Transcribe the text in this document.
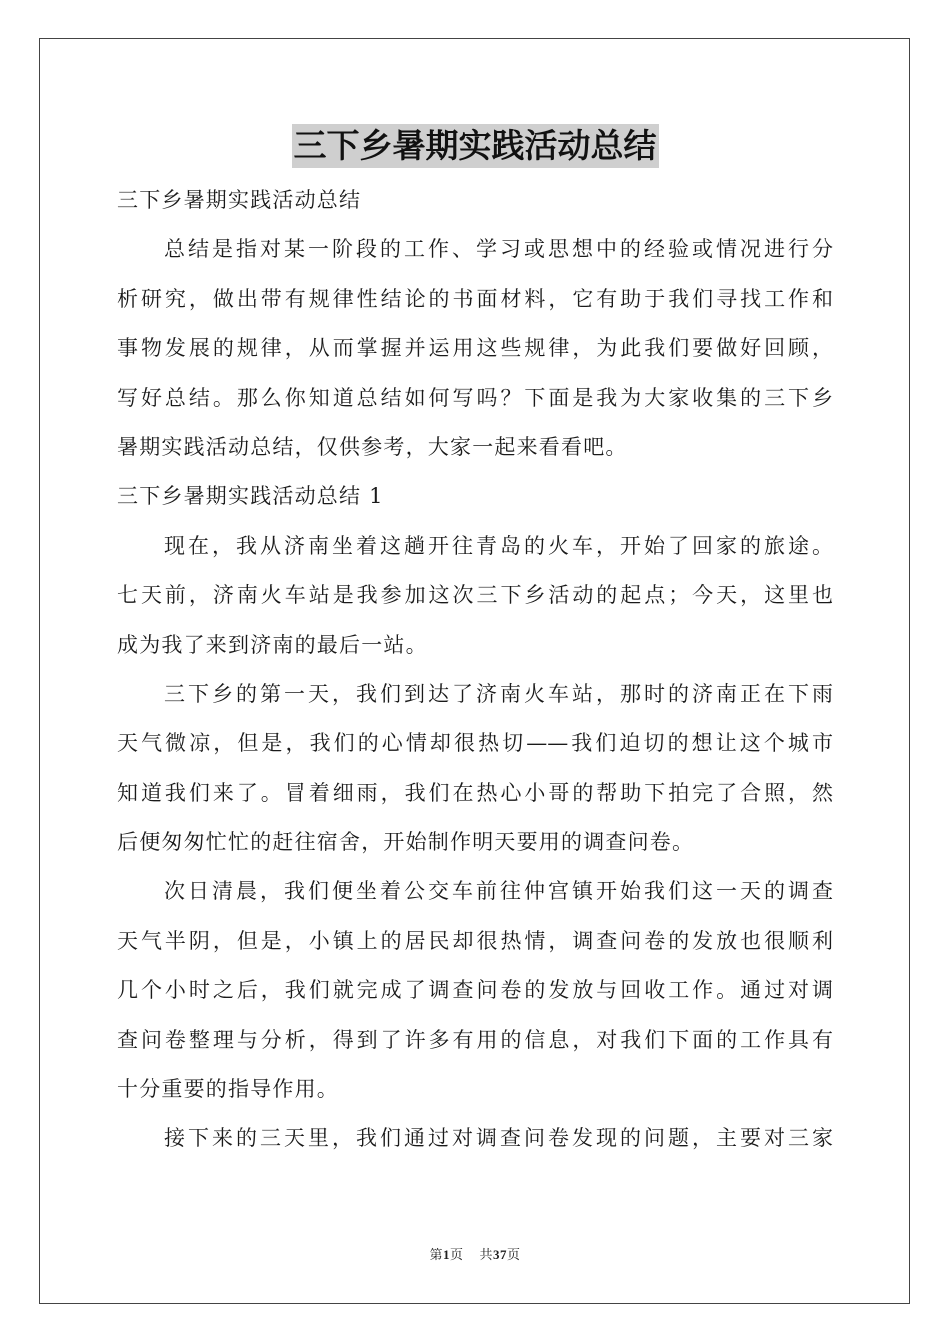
三下乡暑期实践活动总结
三下乡暑期实践活动总结
总结是指对某一阶段的工作、学习或思想中的经验或情况进行分
析研究，做出带有规律性结论的书面材料，它有助于我们寻找工作和
事物发展的规律，从而掌握并运用这些规律，为此我们要做好回顾，
写好总结。那么你知道总结如何写吗？下面是我为大家收集的三下乡
暑期实践活动总结，仅供参考，大家一起来看看吧。
三下乡暑期实践活动总结 1
现在，我从济南坐着这趟开往青岛的火车，开始了回家的旅途。
七天前，济南火车站是我参加这次三下乡活动的起点；今天，这里也
成为我了来到济南的最后一站。
三下乡的第一天，我们到达了济南火车站，那时的济南正在下雨
天气微凉，但是，我们的心情却很热切——我们迫切的想让这个城市
知道我们来了。冒着细雨，我们在热心小哥的帮助下拍完了合照，然
后便匆匆忙忙的赶往宿舍，开始制作明天要用的调查问卷。
次日清晨，我们便坐着公交车前往仲宫镇开始我们这一天的调查
天气半阴，但是，小镇上的居民却很热情，调查问卷的发放也很顺利
几个小时之后，我们就完成了调查问卷的发放与回收工作。通过对调
查问卷整理与分析，得到了许多有用的信息，对我们下面的工作具有
十分重要的指导作用。
接下来的三天里，我们通过对调查问卷发现的问题，主要对三家
第1页 共37页
